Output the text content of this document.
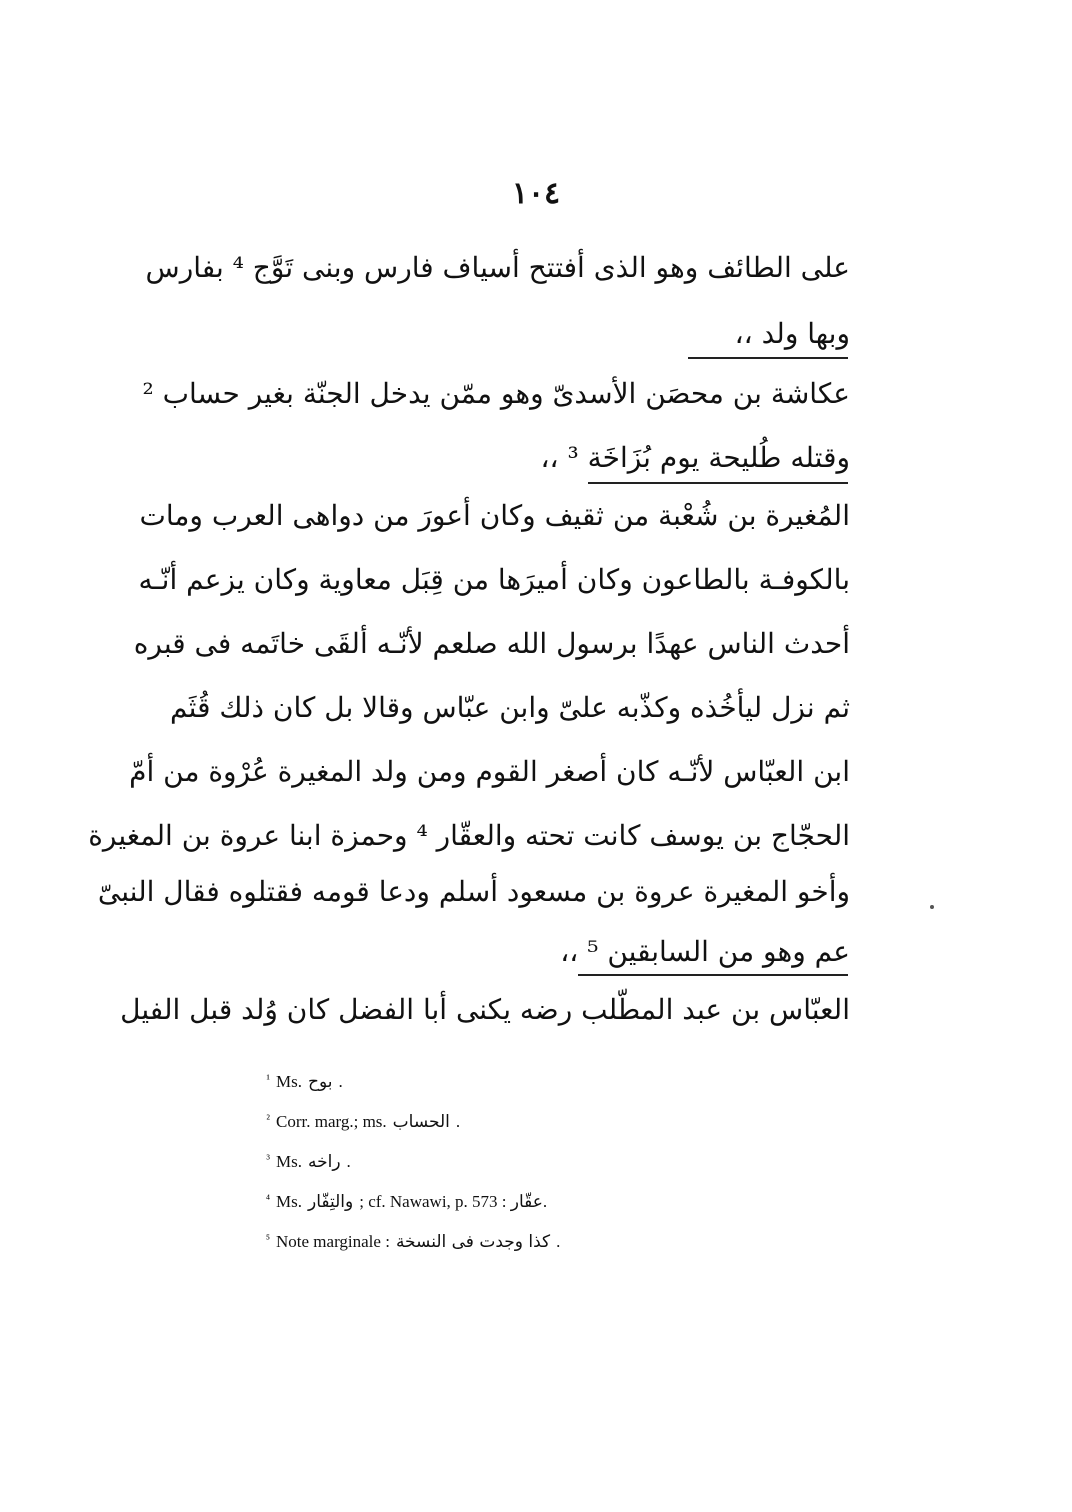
١٠٤
على الطائف وهو الذى أفتتح أسياف فارس وبنى تَوَّج ⁴ بفارس
وبها ولد ،،
عكاشة بن محصَن الأسدىّ وهو ممّن يدخل الجنّة بغير حساب ²
وقتله طُليحة يوم بُزَاخَة ³ ،،
المُغيرة بن شُعْبة من ثقيف وكان أعورَ من دواهى العرب ومات
بالكوفـة بالطاعون وكان أميرَها من قِبَل معاوية وكان يزعم أنّـه
أحدث الناس عهدًا برسول الله صلعم لأنّـه ألقَى خاتَمه فى قبره
ثم نزل ليأخُذه وكذّبه علىّ وابن عبّاس وقالا بل كان ذلك قُثَم
ابن العبّاس لأنّـه كان أصغر القوم ومن ولد المغيرة عُرْوة من أمّ
الحجّاج بن يوسف كانت تحته والعقّار ⁴ وحمزة ابنا عروة بن المغيرة
وأخو المغيرة عروة بن مسعود أسلم ودعا قومه فقتلوه فقال النبىّ
عم وهو من السابقين ⁵ ،،
العبّاس بن عبد المطّلب رضه يكنى أبا الفضل كان وُلد قبل الفيل
¹ Ms. بوح .
² Corr. marg.; ms. الحساب .
³ Ms. راخه .
⁴ Ms. والتِفّار ; cf. Nawawi, p. 573 : عقّار.
⁵ Note marginale : كذا وجدت فى النسخة .
